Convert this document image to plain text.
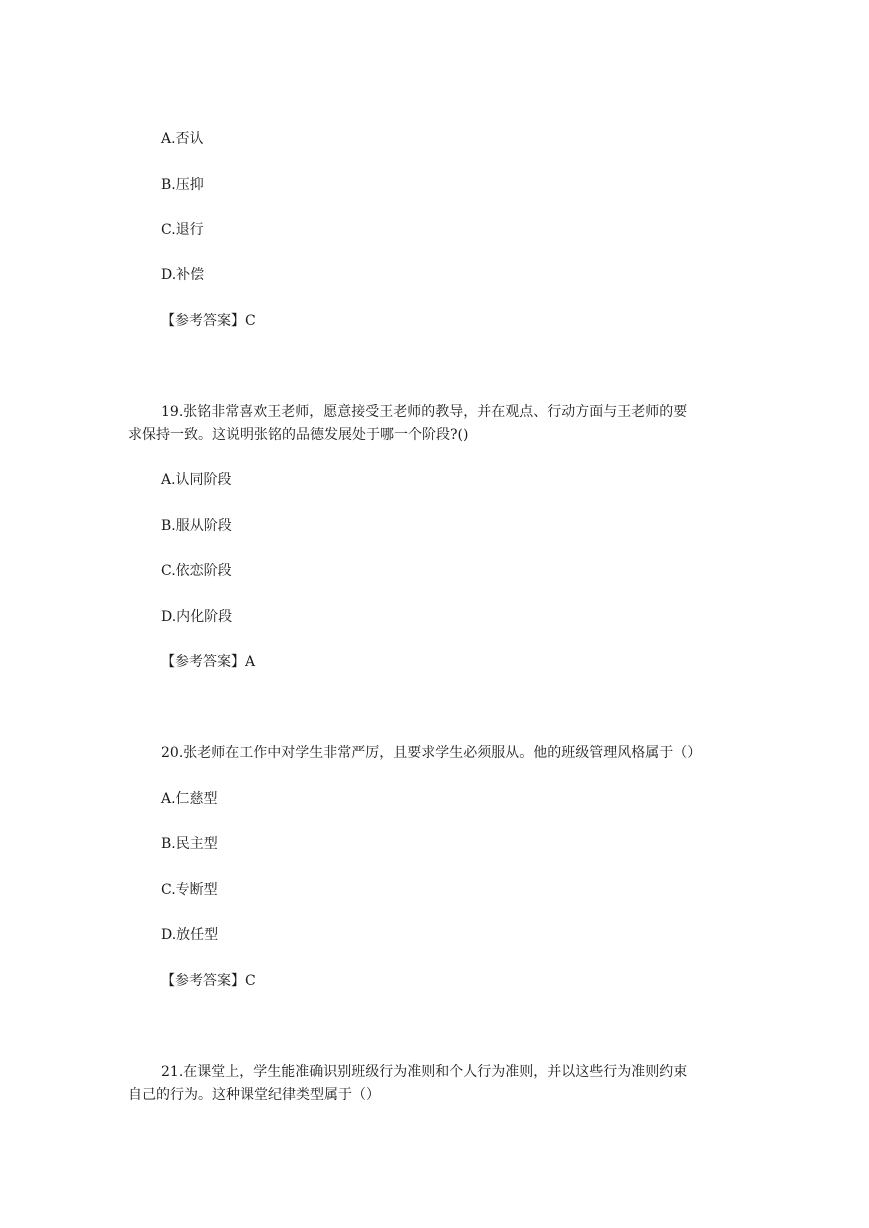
A.否认

B.压抑

C.退行

D.补偿

【参考答案】C

19.张铭非常喜欢王老师，愿意接受王老师的教导，并在观点、行动方面与王老师的要

求保持一致。这说明张铭的品德发展处于哪一个阶段?()

A.认同阶段

B.服从阶段

C.依恋阶段

D.内化阶段

【参考答案】A

20.张老师在工作中对学生非常严厉，且要求学生必须服从。他的班级管理风格属于（）

A.仁慈型

B.民主型

C.专断型

D.放任型

【参考答案】C

21.在课堂上，学生能准确识别班级行为准则和个人行为准则，并以这些行为准则约束

自己的行为。这种课堂纪律类型属于（）
